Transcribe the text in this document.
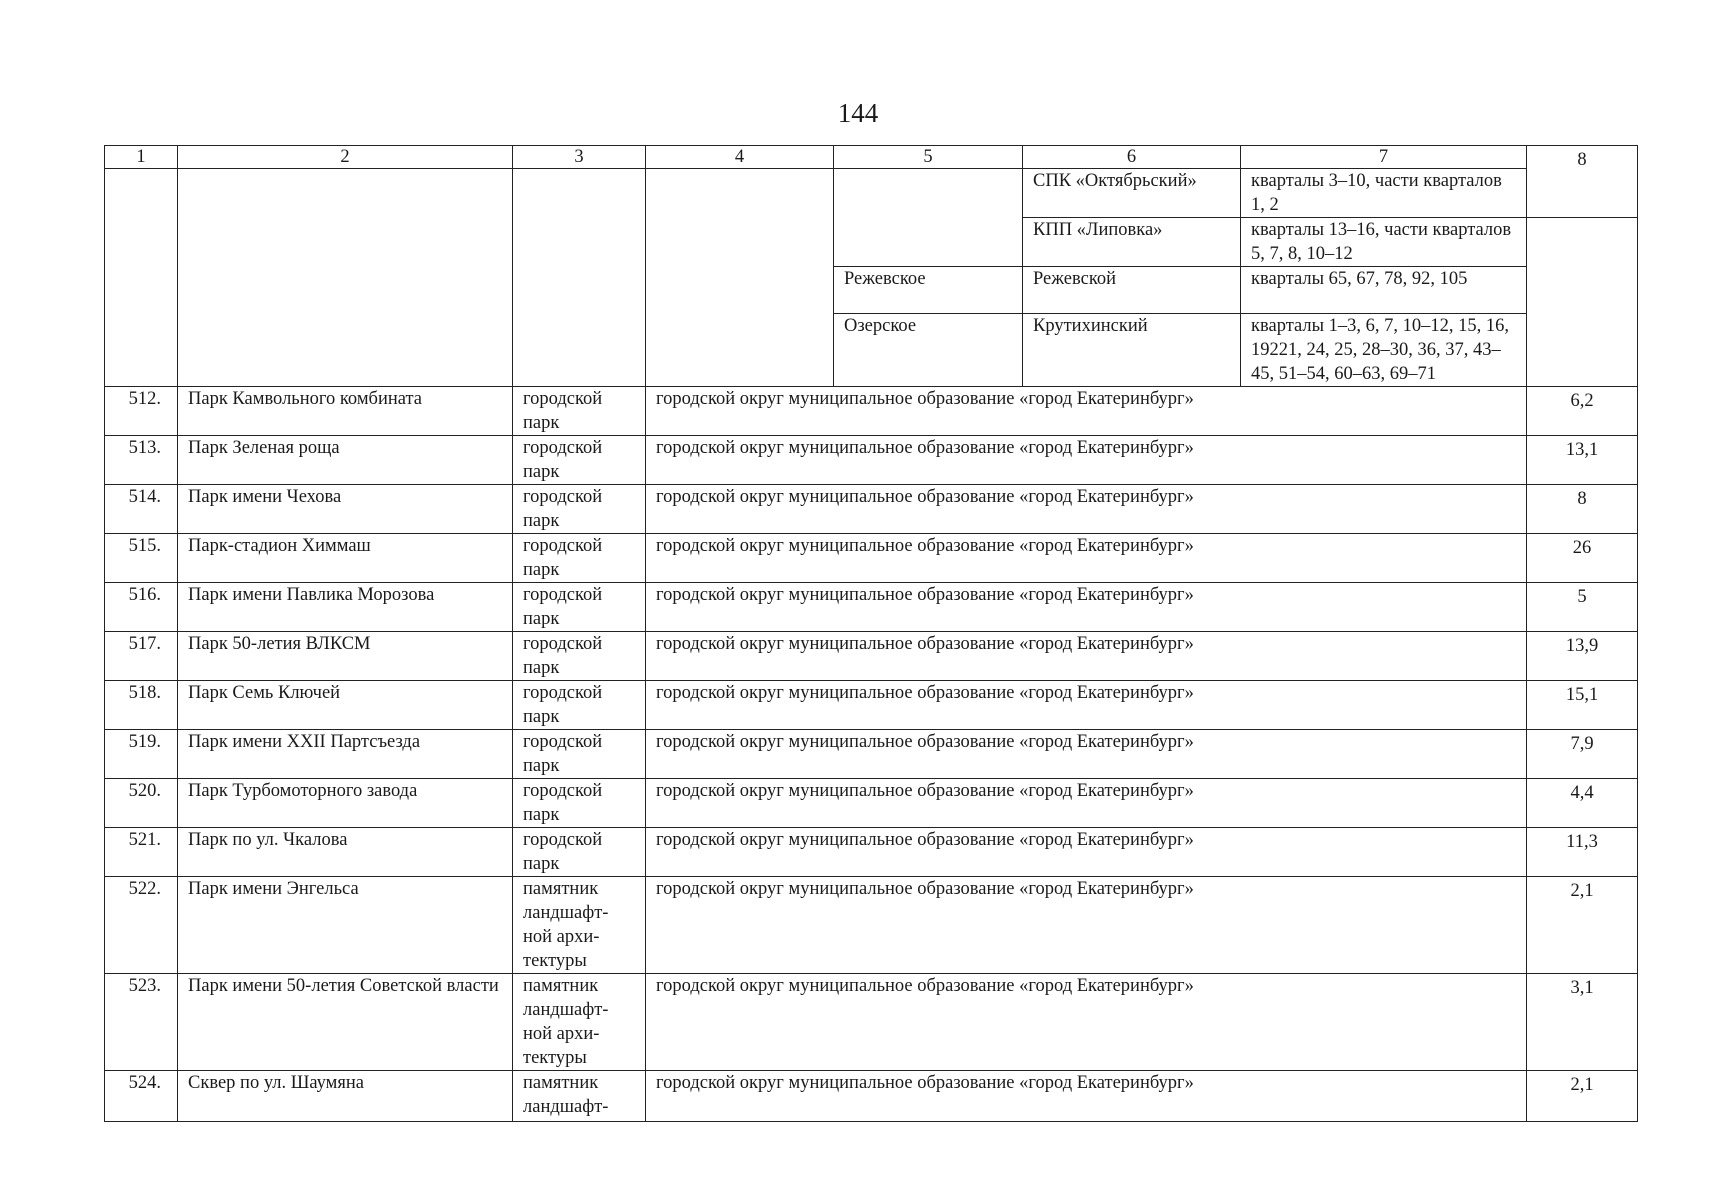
144
1	2	3	4	5	6	7	8
					СПК «Октябрьский»	кварталы 3–10, части кварталов 1, 2	
					КПП «Липовка»	кварталы 13–16, части кварталов 5, 7, 8, 10–12	
				Режевское	Режевской	кварталы 65, 67, 78, 92, 105	
				Озерское	Крутихинский	кварталы 1–3, 6, 7, 10–12, 15, 16, 19221, 24, 25, 28–30, 36, 37, 43–45, 51–54, 60–63, 69–71	
512.	Парк Камвольного комбината	городской парк	городской округ муниципальное образование «город Екатеринбург»				6,2
513.	Парк Зеленая роща	городской парк	городской округ муниципальное образование «город Екатеринбург»				13,1
514.	Парк имени Чехова	городской парк	городской округ муниципальное образование «город Екатеринбург»				8
515.	Парк-стадион Химмаш	городской парк	городской округ муниципальное образование «город Екатеринбург»				26
516.	Парк имени Павлика Морозова	городской парк	городской округ муниципальное образование «город Екатеринбург»				5
517.	Парк 50-летия ВЛКСМ	городской парк	городской округ муниципальное образование «город Екатеринбург»				13,9
518.	Парк Семь Ключей	городской парк	городской округ муниципальное образование «город Екатеринбург»				15,1
519.	Парк имени XXII Партсъезда	городской парк	городской округ муниципальное образование «город Екатеринбург»				7,9
520.	Парк Турбомоторного завода	городской парк	городской округ муниципальное образование «город Екатеринбург»				4,4
521.	Парк по ул. Чкалова	городской парк	городской округ муниципальное образование «город Екатеринбург»				11,3
522.	Парк имени Энгельса	памятник ландшафт-ной архи-тектуры	городской округ муниципальное образование «город Екатеринбург»				2,1
523.	Парк имени 50-летия Советской власти	памятник ландшафт-ной архи-тектуры	городской округ муниципальное образование «город Екатеринбург»				3,1
524.	Сквер по ул. Шаумяна	памятник ландшафт-	городской округ муниципальное образование «город Екатеринбург»				2,1
